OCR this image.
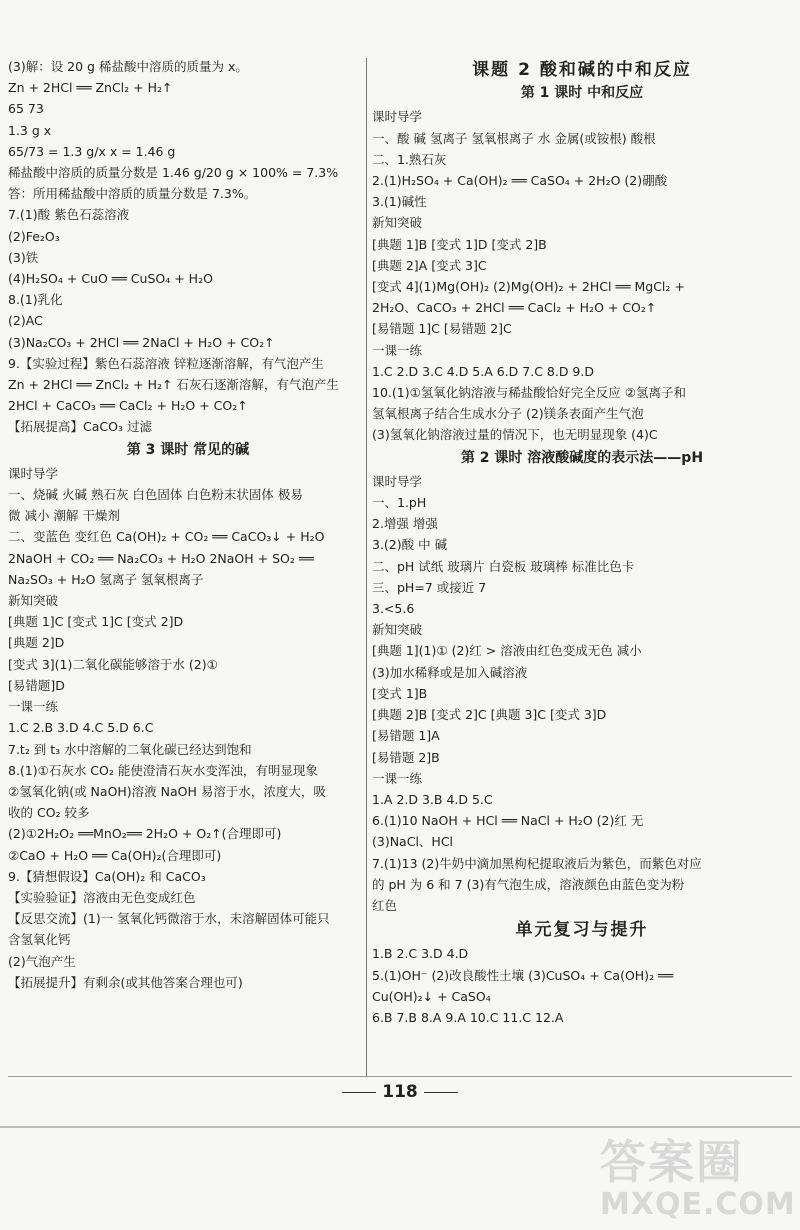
(3)解：设 20 g 稀盐酸中溶质的质量为 x。
Zn + 2HCl ══ ZnCl₂ + H₂↑
65 73
1.3 g x
65/73 = 1.3 g/x x = 1.46 g
稀盐酸中溶质的质量分数是 1.46 g/20 g × 100% = 7.3%
答：所用稀盐酸中溶质的质量分数是 7.3%。
7.(1)酸 紫色石蕊溶液
(2)Fe₂O₃
(3)铁
(4)H₂SO₄ + CuO ══ CuSO₄ + H₂O
8.(1)乳化
(2)AC
(3)Na₂CO₃ + 2HCl ══ 2NaCl + H₂O + CO₂↑
9.【实验过程】紫色石蕊溶液 锌粒逐渐溶解，有气泡产生
Zn + 2HCl ══ ZnCl₂ + H₂↑ 石灰石逐渐溶解，有气泡产生
2HCl + CaCO₃ ══ CaCl₂ + H₂O + CO₂↑
【拓展提高】CaCO₃ 过滤
第 3 课时 常见的碱
课时导学
一、烧碱 火碱 熟石灰 白色固体 白色粉末状固体 极易
微 减小 潮解 干燥剂
二、变蓝色 变红色 Ca(OH)₂ + CO₂ ══ CaCO₃↓ + H₂O
2NaOH + CO₂ ══ Na₂CO₃ + H₂O 2NaOH + SO₂ ══
Na₂SO₃ + H₂O 氢离子 氢氧根离子
新知突破
[典题 1]C [变式 1]C [变式 2]D
[典题 2]D
[变式 3](1)二氧化碳能够溶于水 (2)①
[易错题]D
一课一练
1.C 2.B 3.D 4.C 5.D 6.C
7.t₂ 到 t₃ 水中溶解的二氧化碳已经达到饱和
8.(1)①石灰水 CO₂ 能使澄清石灰水变浑浊，有明显现象
②氢氧化钠(或 NaOH)溶液 NaOH 易溶于水，浓度大，吸
收的 CO₂ 较多
(2)①2H₂O₂ ══MnO₂══ 2H₂O + O₂↑(合理即可)
②CaO + H₂O ══ Ca(OH)₂(合理即可)
9.【猜想假设】Ca(OH)₂ 和 CaCO₃
【实验验证】溶液由无色变成红色
【反思交流】(1)一 氢氧化钙微溶于水，未溶解固体可能只
含氢氧化钙
(2)气泡产生
【拓展提升】有剩余(或其他答案合理也可)
课题 2 酸和碱的中和反应
第 1 课时 中和反应
课时导学
一、酸 碱 氢离子 氢氧根离子 水 金属(或铵根) 酸根
二、1.熟石灰
2.(1)H₂SO₄ + Ca(OH)₂ ══ CaSO₄ + 2H₂O (2)硼酸
3.(1)碱性
新知突破
[典题 1]B [变式 1]D [变式 2]B
[典题 2]A [变式 3]C
[变式 4](1)Mg(OH)₂ (2)Mg(OH)₂ + 2HCl ══ MgCl₂ +
2H₂O、CaCO₃ + 2HCl ══ CaCl₂ + H₂O + CO₂↑
[易错题 1]C [易错题 2]C
一课一练
1.C 2.D 3.C 4.D 5.A 6.D 7.C 8.D 9.D
10.(1)①氢氧化钠溶液与稀盐酸恰好完全反应 ②氢离子和
氢氧根离子结合生成水分子 (2)镁条表面产生气泡
(3)氢氧化钠溶液过量的情况下，也无明显现象 (4)C
第 2 课时 溶液酸碱度的表示法——pH
课时导学
一、1.pH
2.增强 增强
3.(2)酸 中 碱
二、pH 试纸 玻璃片 白瓷板 玻璃棒 标准比色卡
三、pH=7 或接近 7
3.<5.6
新知突破
[典题 1](1)① (2)红 > 溶液由红色变成无色 减小
(3)加水稀释或是加入碱溶液
[变式 1]B
[典题 2]B [变式 2]C [典题 3]C [变式 3]D
[易错题 1]A
[易错题 2]B
一课一练
1.A 2.D 3.B 4.D 5.C
6.(1)10 NaOH + HCl ══ NaCl + H₂O (2)红 无
(3)NaCl、HCl
7.(1)13 (2)牛奶中滴加黑枸杞提取液后为紫色，而紫色对应
的 pH 为 6 和 7 (3)有气泡生成，溶液颜色由蓝色变为粉
红色
单元复习与提升
1.B 2.C 3.D 4.D
5.(1)OH⁻ (2)改良酸性土壤 (3)CuSO₄ + Ca(OH)₂ ══
Cu(OH)₂↓ + CaSO₄
6.B 7.B 8.A 9.A 10.C 11.C 12.A
118
答案圈
MXQE.COM
